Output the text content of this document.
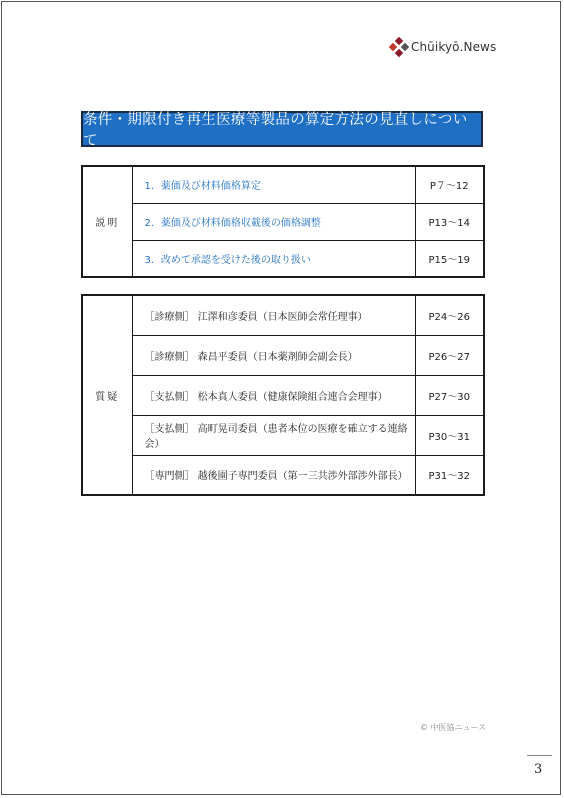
Chūikyō.News
条件・期限付き再生医療等製品の算定方法の見直しについて
説明	1．薬価及び材料価格算定	P７～12
	2．薬価及び材料価格収載後の価格調整	P13～14
	3．改めて承認を受けた後の取り扱い	P15～19
質疑	［診療側］ 江澤和彦委員（日本医師会常任理事）	P24～26
	［診療側］ 森昌平委員（日本薬剤師会副会長）	P26～27
	［支払側］ 松本真人委員（健康保険組合連合会理事）	P27～30
	［支払側］ 高町晃司委員（患者本位の医療を確立する連絡会）	P30～31
	［専門側］ 越後園子専門委員（第一三共渉外部渉外部長）	P31～32
© 中医協ニュース
3
